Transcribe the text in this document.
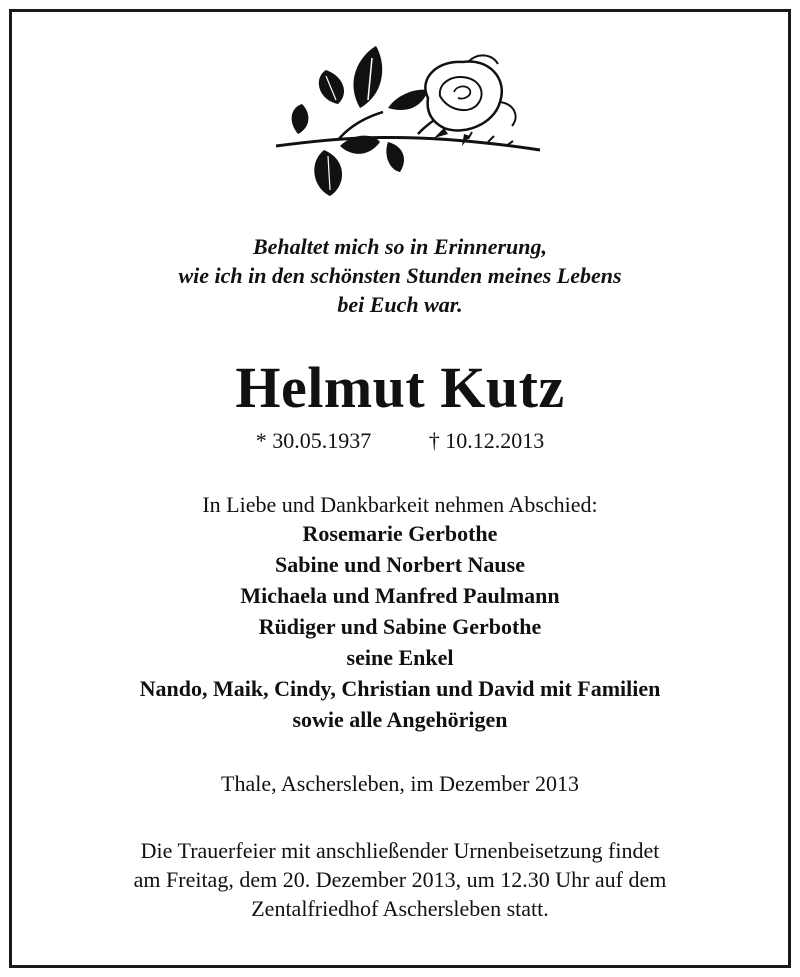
Behaltet mich so in Erinnerung,
wie ich in den schönsten Stunden meines Lebens
bei Euch war.
Helmut Kutz
* 30.05.1937	† 10.12.2013
In Liebe und Dankbarkeit nehmen Abschied:
Rosemarie Gerbothe
Sabine und Norbert Nause
Michaela und Manfred Paulmann
Rüdiger und Sabine Gerbothe
seine Enkel
Nando, Maik, Cindy, Christian und David mit Familien
sowie alle Angehörigen
Thale, Aschersleben, im Dezember 2013
Die Trauerfeier mit anschließender Urnenbeisetzung findet
am Freitag, dem 20. Dezember 2013, um 12.30 Uhr auf dem
Zentalfriedhof Aschersleben statt.
